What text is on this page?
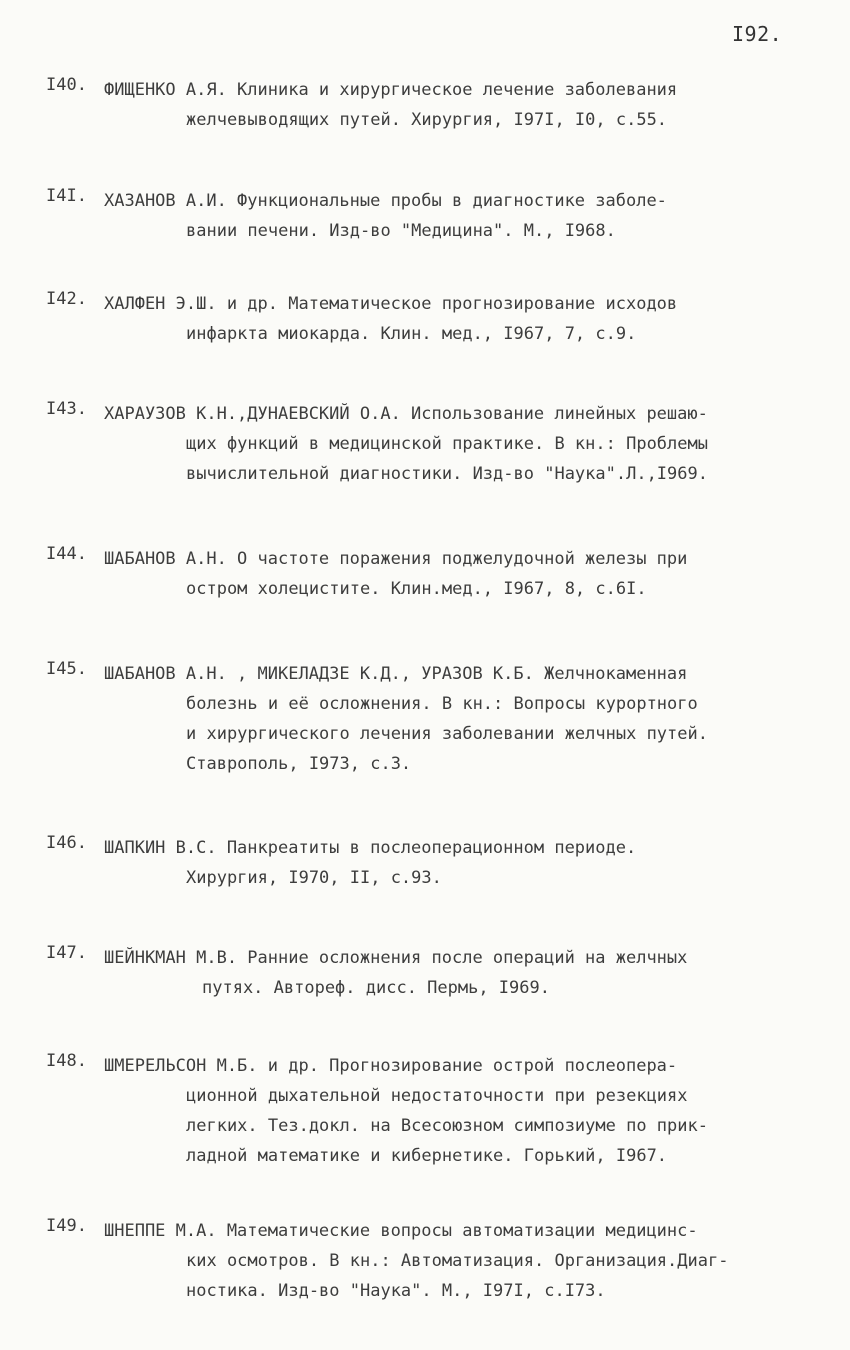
I92.
I40.	ФИЩЕНКО А.Я. Клиника и хирургическое лечение заболевания
желчевыводящих путей. Хирургия, I97I, I0, с.55.
I4I.	ХАЗАНОВ А.И. Функциональные пробы в диагностике заболе-
вании печени. Изд-во "Медицина". М., I968.
I42.	ХАЛФЕН Э.Ш. и др. Математическое прогнозирование исходов
инфаркта миокарда. Клин. мед., I967, 7, с.9.
I43.	ХАРАУЗОВ К.Н.,ДУНАЕВСКИЙ О.А. Использование линейных решаю-
щих функций в медицинской практике. В кн.: Проблемы
вычислительной диагностики. Изд-во "Наука".Л.,I969.
I44.	ШАБАНОВ А.Н. О частоте поражения поджелудочной железы при
остром холецистите. Клин.мед., I967, 8, с.6I.
I45.	ШАБАНОВ А.Н. , МИКЕЛАДЗЕ К.Д., УРАЗОВ К.Б. Желчнокаменная
болезнь и её осложнения. В кн.: Вопросы курортного
и хирургического лечения заболевании желчных путей.
Ставрополь, I973, с.3.
I46.	ШАПКИН В.С. Панкреатиты в послеоперационном периоде.
Хирургия, I970, II, с.93.
I47.	ШЕЙНКМАН М.В. Ранние осложнения после операций на желчных
путях. Автореф. дисс. Пермь, I969.
I48.	ШМЕРЕЛЬСОН М.Б. и др. Прогнозирование острой послеопера-
ционной дыхательной недостаточности при резекциях
легких. Тез.докл. на Всесоюзном симпозиуме по прик-
ладной математике и кибернетике. Горький, I967.
I49.	ШНЕППЕ М.А. Математические вопросы автоматизации медицинс-
ких осмотров. В кн.: Автоматизация. Организация.Диаг-
ностика. Изд-во "Наука". М., I97I, с.I73.
